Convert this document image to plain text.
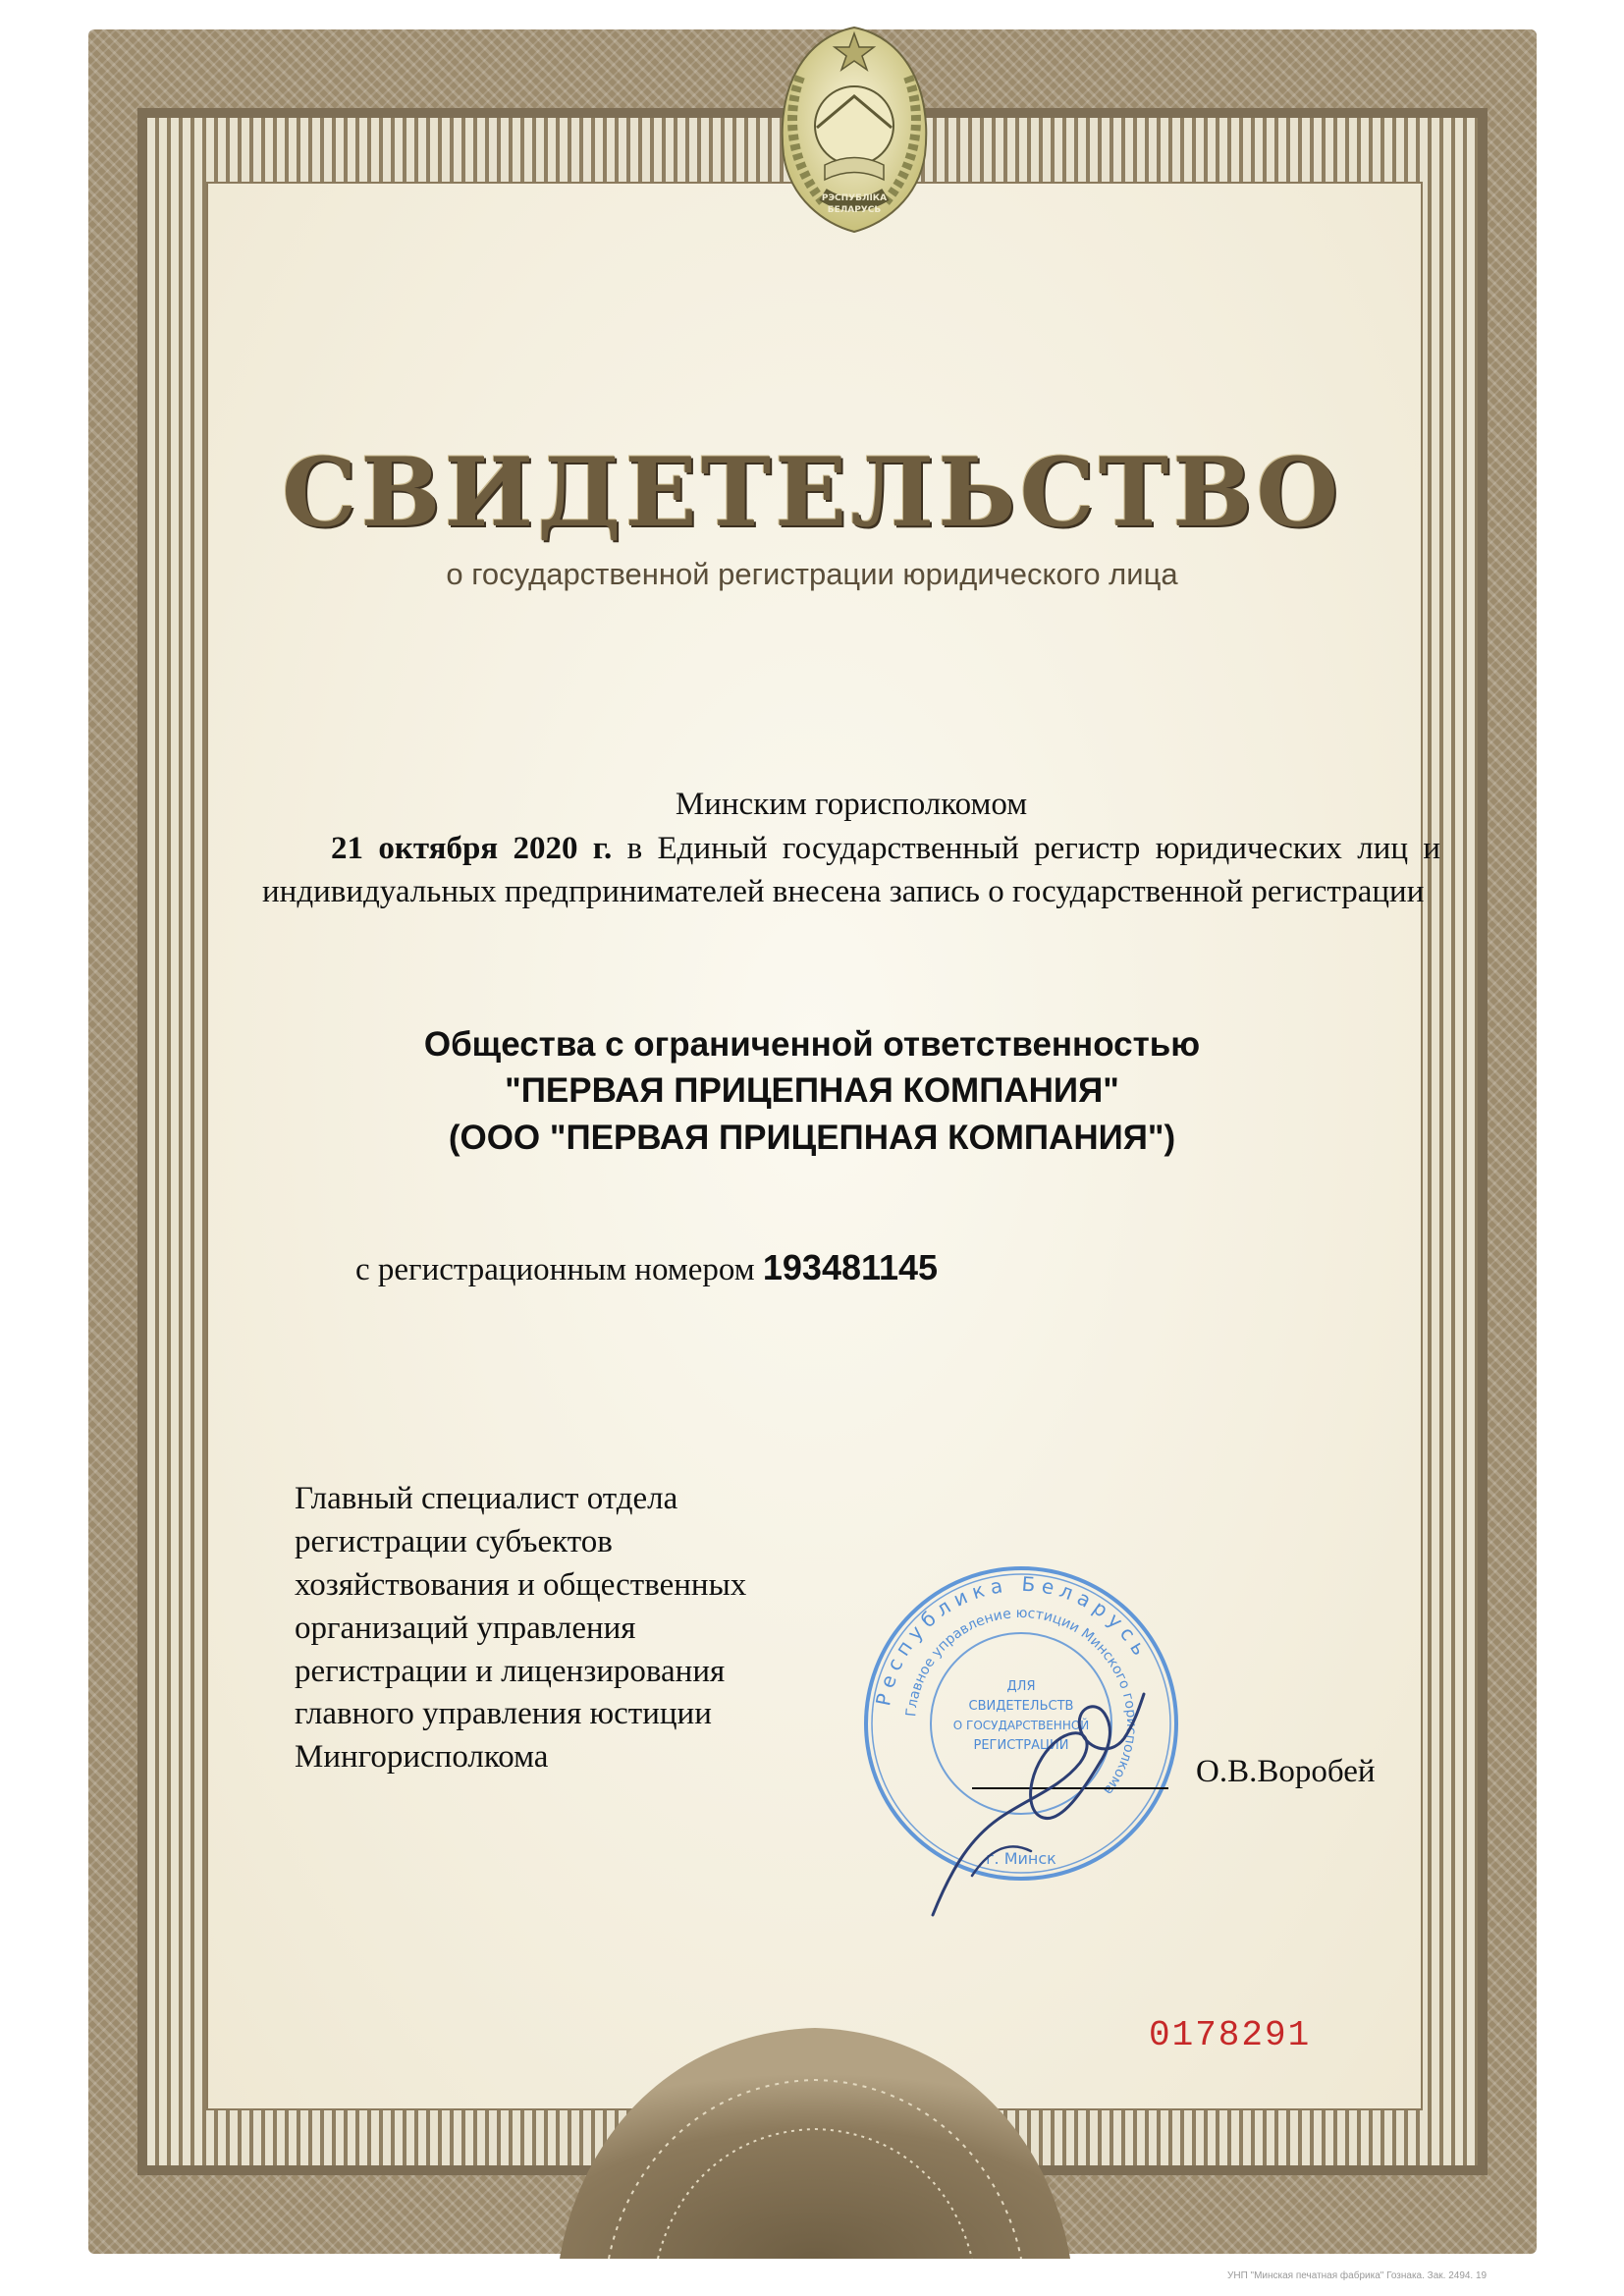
РЭСПУБЛІКА
БЕЛАРУСЬ
СВИДЕТЕЛЬСТВО
о государственной регистрации юридического лица

Минским горисполкомом

21 октября 2020 г. в Единый государственный регистр юридических лиц и индивидуальных предпринимателей внесена запись о государственной регистрации

Общества с ограниченной ответственностью
"ПЕРВАЯ ПРИЦЕПНАЯ КОМПАНИЯ"
(ООО "ПЕРВАЯ ПРИЦЕПНАЯ КОМПАНИЯ")
с регистрационным номером 193481145

Главный специалист отдела

регистрации субъектов

хозяйствования и общественных

организаций управления

регистрации и лицензирования

главного управления юстиции

Мингорисполкома

Республика Беларусь
Главное управление юстиции Минского горисполкома
г. Минск
ДЛЯ
СВИДЕТЕЛЬСТВ
О ГОСУДАРСТВЕННОЙ
РЕГИСТРАЦИИ
О.В.Воробей
0178291
УНП "Минская печатная фабрика" Гознака. Зак. 2494. 19
